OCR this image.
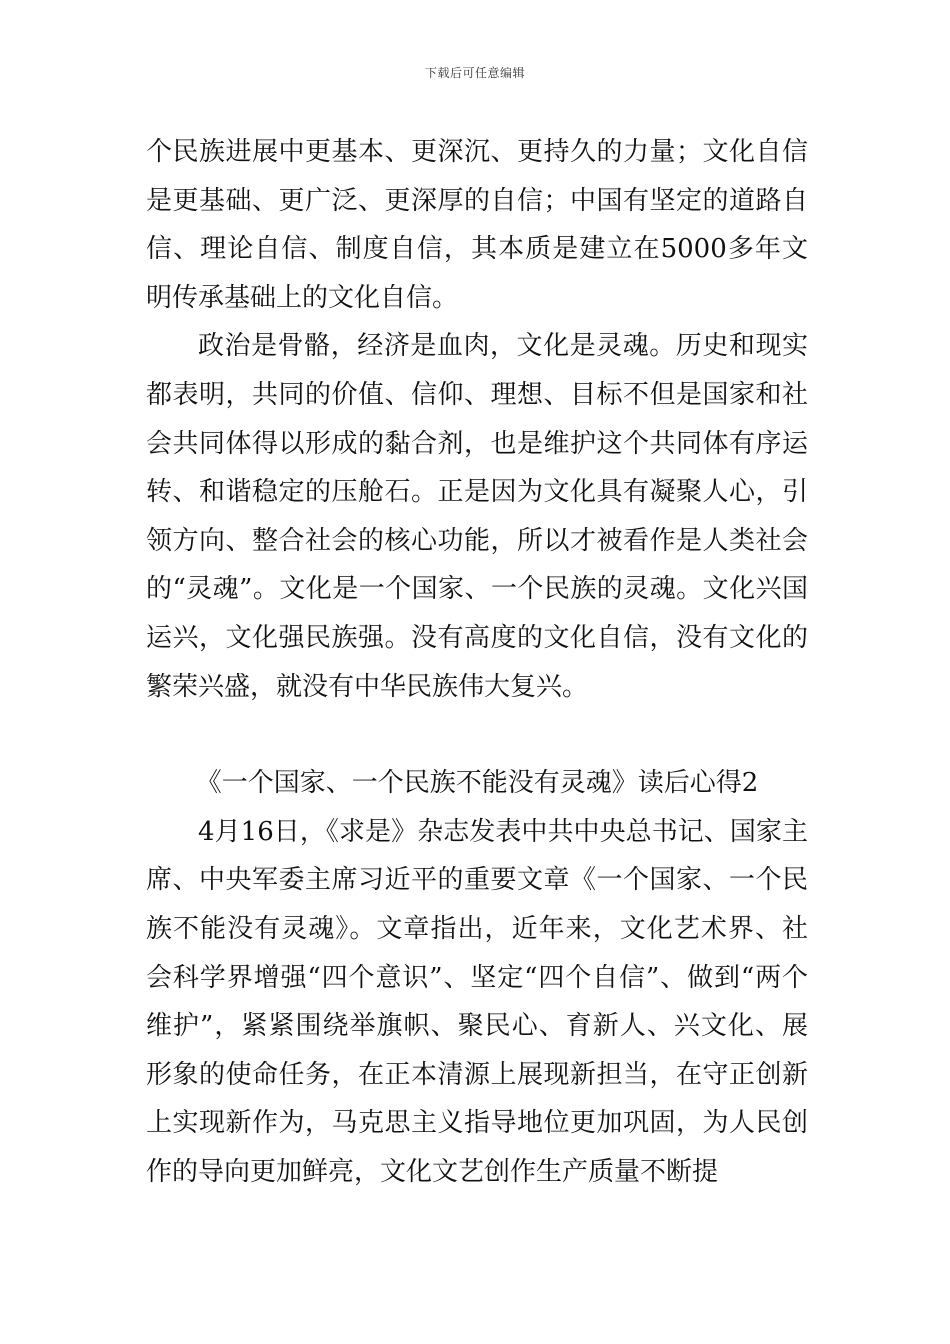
下载后可任意编辑

个民族进展中更基本、更深沉、更持久的力量；文化自信是更基础、更广泛、更深厚的自信；中国有坚定的道路自信、理论自信、制度自信，其本质是建立在5000多年文明传承基础上的文化自信。

政治是骨骼，经济是血肉，文化是灵魂。历史和现实都表明，共同的价值、信仰、理想、目标不但是国家和社会共同体得以形成的黏合剂，也是维护这个共同体有序运转、和谐稳定的压舱石。正是因为文化具有凝聚人心，引领方向、整合社会的核心功能，所以才被看作是人类社会的“灵魂”。文化是一个国家、一个民族的灵魂。文化兴国运兴，文化强民族强。没有高度的文化自信，没有文化的繁荣兴盛，就没有中华民族伟大复兴。

《一个国家、一个民族不能没有灵魂》读后心得2

4月16日，《求是》杂志发表中共中央总书记、国家主席、中央军委主席习近平的重要文章《一个国家、一个民族不能没有灵魂》。文章指出，近年来，文化艺术界、社会科学界增强“四个意识”、坚定“四个自信”、做到“两个维护”，紧紧围绕举旗帜、聚民心、育新人、兴文化、展形象的使命任务，在正本清源上展现新担当，在守正创新上实现新作为，马克思主义指导地位更加巩固，为人民创作的导向更加鲜亮，文化文艺创作生产质量不断提
